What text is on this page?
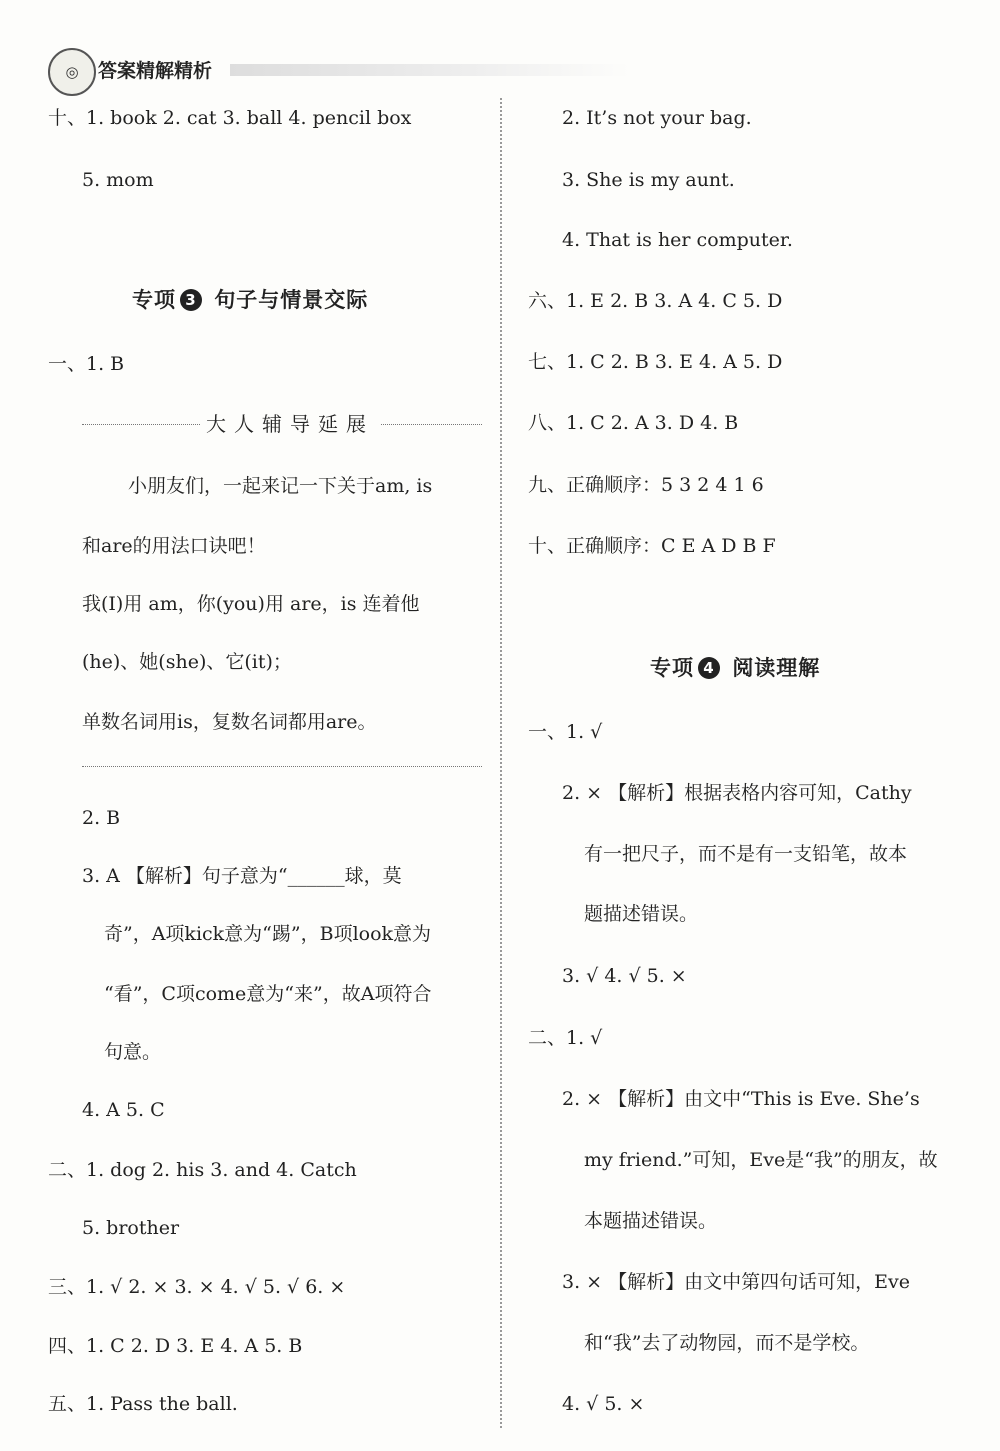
◎	答案精解精析
十、1. book 2. cat 3. ball 4. pencil box
5. mom
专项 3 句子与情景交际
一、1. B
大人辅导延展
小朋友们，一起来记一下关于am, is
和are的用法口诀吧！
我(I)用 am，你(you)用 are，is 连着他
(he)、她(she)、它(it)；
单数名词用is，复数名词都用are。
2. B
3. A 【解析】句子意为“______球，莫
奇”，A项kick意为“踢”，B项look意为
“看”，C项come意为“来”，故A项符合
句意。
4. A 5. C
二、1. dog 2. his 3. and 4. Catch
5. brother
三、1. √ 2. × 3. × 4. √ 5. √ 6. ×
四、1. C 2. D 3. E 4. A 5. B
五、1. Pass the ball.
2. It’s not your bag.
3. She is my aunt.
4. That is her computer.
六、1. E 2. B 3. A 4. C 5. D
七、1. C 2. B 3. E 4. A 5. D
八、1. C 2. A 3. D 4. B
九、正确顺序：5 3 2 4 1 6
十、正确顺序：C E A D B F
专项 4 阅读理解
一、1. √
2. × 【解析】根据表格内容可知，Cathy
有一把尺子，而不是有一支铅笔，故本
题描述错误。
3. √ 4. √ 5. ×
二、1. √
2. × 【解析】由文中“This is Eve. She’s
my friend.”可知，Eve是“我”的朋友，故
本题描述错误。
3. × 【解析】由文中第四句话可知，Eve
和“我”去了动物园，而不是学校。
4. √ 5. ×
